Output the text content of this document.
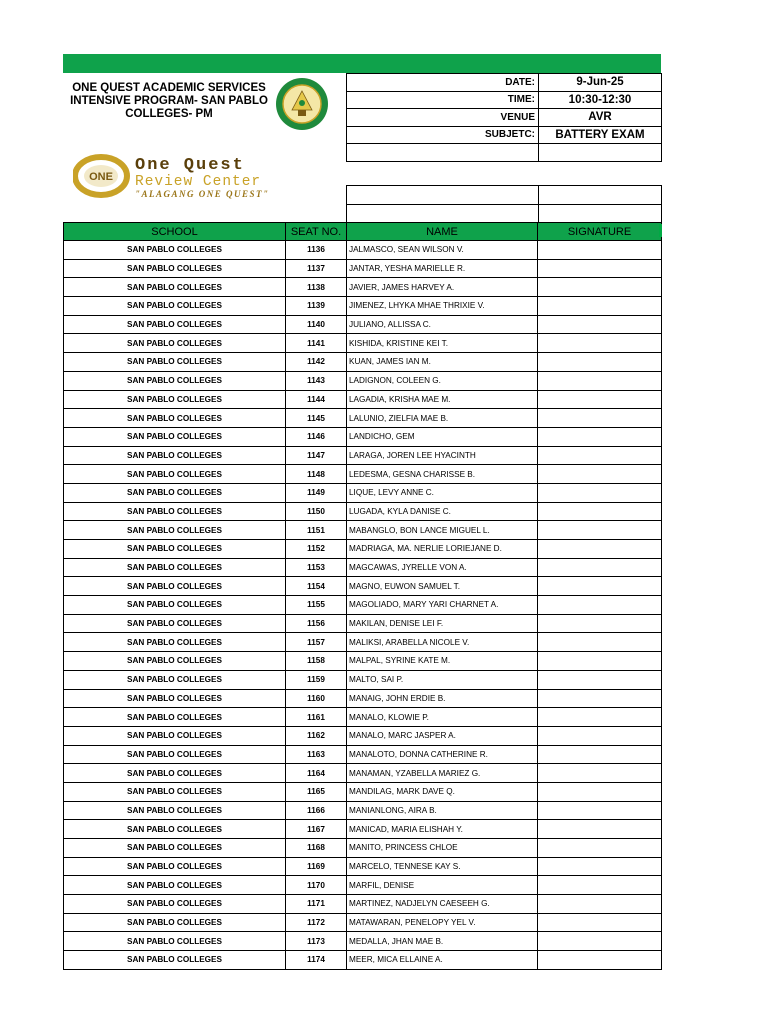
ONE QUEST ACADEMIC SERVICES
INTENSIVE PROGRAM- SAN PABLO
COLLEGES- PM
ONE
One Quest
Review Center
"ALAGANG ONE QUEST"
DATE:	9-Jun-25
TIME:	10:30-12:30
VENUE	AVR
SUBJETC:	BATTERY EXAM

SCHOOL	SEAT NO.	NAME	SIGNATURE
SAN PABLO COLLEGES	1136	JALMASCO, SEAN WILSON V.	
SAN PABLO COLLEGES	1137	JANTAR, YESHA MARIELLE R.	
SAN PABLO COLLEGES	1138	JAVIER, JAMES HARVEY A.	
SAN PABLO COLLEGES	1139	JIMENEZ, LHYKA MHAE THRIXIE V.	
SAN PABLO COLLEGES	1140	JULIANO, ALLISSA C.	
SAN PABLO COLLEGES	1141	KISHIDA, KRISTINE KEI T.	
SAN PABLO COLLEGES	1142	KUAN, JAMES IAN M.	
SAN PABLO COLLEGES	1143	LADIGNON, COLEEN G.	
SAN PABLO COLLEGES	1144	LAGADIA, KRISHA MAE M.	
SAN PABLO COLLEGES	1145	LALUNIO, ZIELFIA MAE B.	
SAN PABLO COLLEGES	1146	LANDICHO, GEM	
SAN PABLO COLLEGES	1147	LARAGA, JOREN LEE HYACINTH	
SAN PABLO COLLEGES	1148	LEDESMA, GESNA CHARISSE B.	
SAN PABLO COLLEGES	1149	LIQUE, LEVY ANNE C.	
SAN PABLO COLLEGES	1150	LUGADA, KYLA DANISE C.	
SAN PABLO COLLEGES	1151	MABANGLO, BON LANCE MIGUEL L.	
SAN PABLO COLLEGES	1152	MADRIAGA, MA. NERLIE LORIEJANE D.	
SAN PABLO COLLEGES	1153	MAGCAWAS, JYRELLE VON A.	
SAN PABLO COLLEGES	1154	MAGNO, EUWON SAMUEL T.	
SAN PABLO COLLEGES	1155	MAGOLIADO, MARY YARI CHARNET A.	
SAN PABLO COLLEGES	1156	MAKILAN, DENISE LEI F.	
SAN PABLO COLLEGES	1157	MALIKSI, ARABELLA NICOLE V.	
SAN PABLO COLLEGES	1158	MALPAL, SYRINE KATE M.	
SAN PABLO COLLEGES	1159	MALTO, SAI P.	
SAN PABLO COLLEGES	1160	MANAIG, JOHN ERDIE B.	
SAN PABLO COLLEGES	1161	MANALO, KLOWIE P.	
SAN PABLO COLLEGES	1162	MANALO, MARC JASPER A.	
SAN PABLO COLLEGES	1163	MANALOTO, DONNA CATHERINE R.	
SAN PABLO COLLEGES	1164	MANAMAN, YZABELLA MARIEZ G.	
SAN PABLO COLLEGES	1165	MANDILAG, MARK DAVE Q.	
SAN PABLO COLLEGES	1166	MANIANLONG, AIRA B.	
SAN PABLO COLLEGES	1167	MANICAD, MARIA ELISHAH Y.	
SAN PABLO COLLEGES	1168	MANITO, PRINCESS CHLOE	
SAN PABLO COLLEGES	1169	MARCELO, TENNESE KAY S.	
SAN PABLO COLLEGES	1170	MARFIL, DENISE	
SAN PABLO COLLEGES	1171	MARTINEZ, NADJELYN CAESEEH G.	
SAN PABLO COLLEGES	1172	MATAWARAN, PENELOPY YEL V.	
SAN PABLO COLLEGES	1173	MEDALLA, JHAN MAE B.	
SAN PABLO COLLEGES	1174	MEER, MICA ELLAINE A.	
